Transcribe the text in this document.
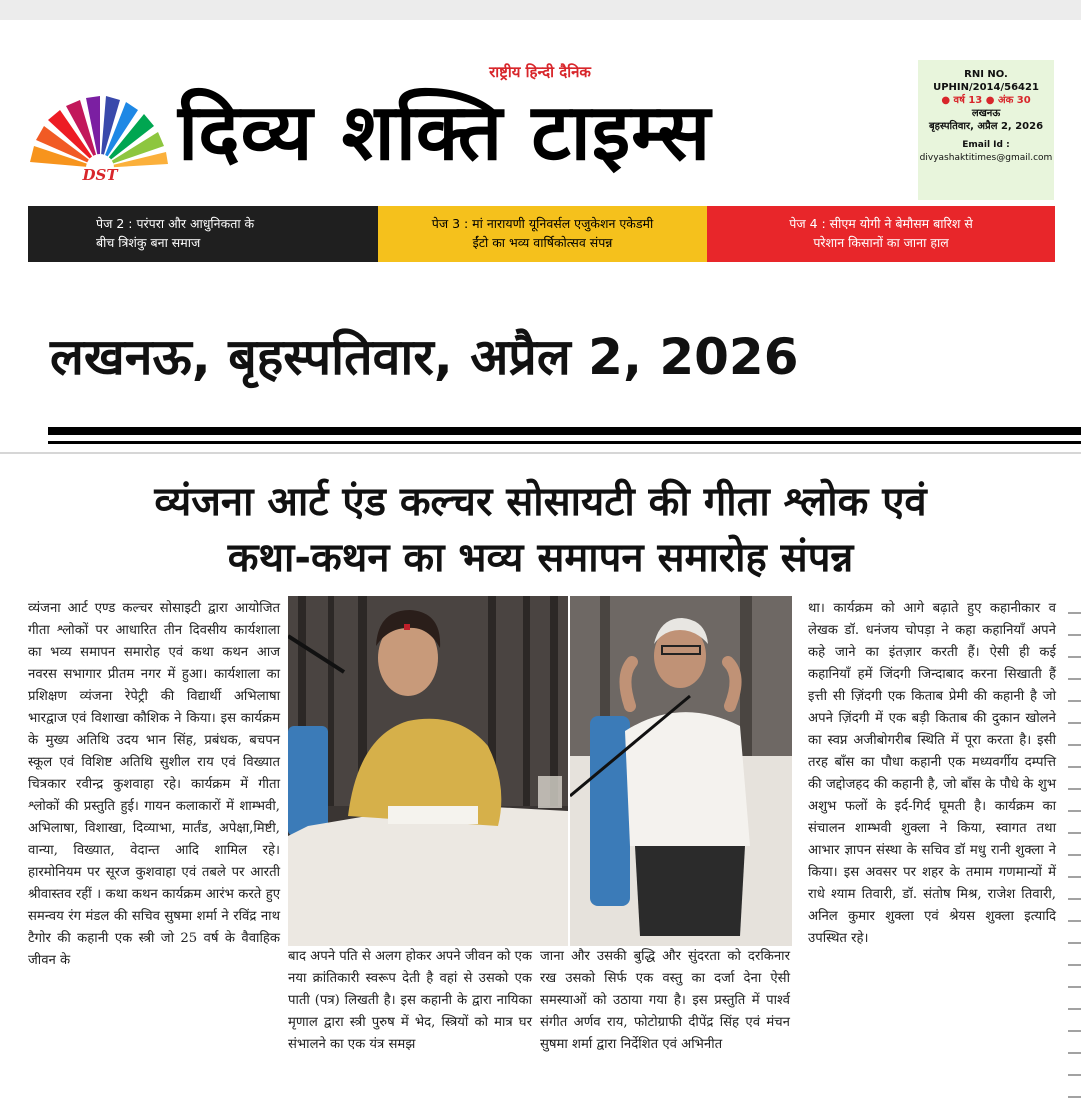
DST
राष्ट्रीय हिन्दी दैनिक
दिव्य शक्ति टाइम्स
RNI NO.
UPHIN/2014/56421
● वर्ष 13 ● अंक 30
लखनऊ
बृहस्पतिवार, अप्रैल 2, 2026
Email Id :
divyashaktitimes@gmail.com
पेज 2 : परंपरा और आधुनिकता के
बीच त्रिशंकु बना समाज
पेज 3 : मां नारायणी यूनिवर्सल एजुकेशन एकेडमी
ईंटो का भव्य वार्षिकोत्सव संपन्न
पेज 4 : सीएम योगी ने बेमौसम बारिश से
परेशान किसानों का जाना हाल
लखनऊ, बृहस्पतिवार, अप्रैल 2, 2026
व्यंजना आर्ट एंड कल्चर सोसायटी की गीता श्लोक एवं
कथा-कथन का भव्य समापन समारोह संपन्न
व्यंजना आर्ट एण्ड कल्चर सोसाइटी द्वारा आयोजित गीता श्लोकों पर आधारित तीन दिवसीय कार्यशाला का भव्य समापन समारोह एवं कथा कथन आज नवरस सभागार प्रीतम नगर में हुआ। कार्यशाला का प्रशिक्षण व्यंजना रेपेट्री की विद्यार्थी अभिलाषा भारद्वाज एवं विशाखा कौशिक ने किया। इस कार्यक्रम के मुख्य अतिथि उदय भान सिंह, प्रबंधक, बचपन स्कूल एवं विशिष्ट अतिथि सुशील राय एवं विख्यात चित्रकार रवीन्द्र कुशवाहा रहे। कार्यक्रम में गीता श्लोकों की प्रस्तुति हुई। गायन कलाकारों में शाम्भवी, अभिलाषा, विशाखा, दिव्याभा, मार्तंड, अपेक्षा,मिष्टी, वान्या, विख्यात, वेदान्त आदि शामिल रहे। हारमोनियम पर सूरज कुशवाहा एवं तबले पर आरती श्रीवास्तव रहीं । कथा कथन कार्यक्रम आरंभ करते हुए समन्वय रंग मंडल की सचिव सुषमा शर्मा ने रविंद्र नाथ टैगोर की कहानी एक स्त्री जो 25 वर्ष के वैवाहिक जीवन के	बाद अपने पति से अलग होकर अपने जीवन को एक नया क्रांतिकारी स्वरूप देती है वहां से उसको एक पाती (पत्र) लिखती है। इस कहानी के द्वारा नायिका मृणाल द्वारा स्त्री पुरुष में भेद, स्त्रियों को मात्र घर संभालने का एक यंत्र समझ
जाना और उसकी बुद्धि और सुंदरता को दरकिनार रख उसको सिर्फ एक वस्तु का दर्जा देना ऐसी समस्याओं को उठाया गया है। इस प्रस्तुति में पार्श्व संगीत अर्णव राय, फोटोग्राफी दीपेंद्र सिंह एवं मंचन सुषमा शर्मा द्वारा निर्देशित एवं अभिनीत
था। कार्यक्रम को आगे बढ़ाते हुए कहानीकार व लेखक डॉ. धनंजय चोपड़ा ने कहा कहानियाँ अपने कहे जाने का इंतज़ार करती हैं। ऐसी ही कई कहानियाँ हमें जिंदगी जिन्दाबाद करना सिखाती हैं इत्ती सी ज़िंदगी एक किताब प्रेमी की कहानी है जो अपने ज़िंदगी में एक बड़ी किताब की दुकान खोलने का स्वप्न अजीबोगरीब स्थिति में पूरा करता है। इसी तरह बाँस का पौधा कहानी एक मध्यवर्गीय दम्पत्ति की जद्दोजहद की कहानी है, जो बाँस के पौधे के शुभ अशुभ फलों के इर्द-गिर्द घूमती है। कार्यक्रम का संचालन शाम्भवी शुक्ला ने किया, स्वागत तथा आभार ज्ञापन संस्था के सचिव डॉ मधु रानी शुक्ला ने किया। इस अवसर पर शहर के तमाम गणमान्यों में राधे श्याम तिवारी, डॉ. संतोष मिश्र, राजेश तिवारी, अनिल कुमार शुक्ला एवं श्रेयस शुक्ला इत्यादि उपस्थित रहे।
